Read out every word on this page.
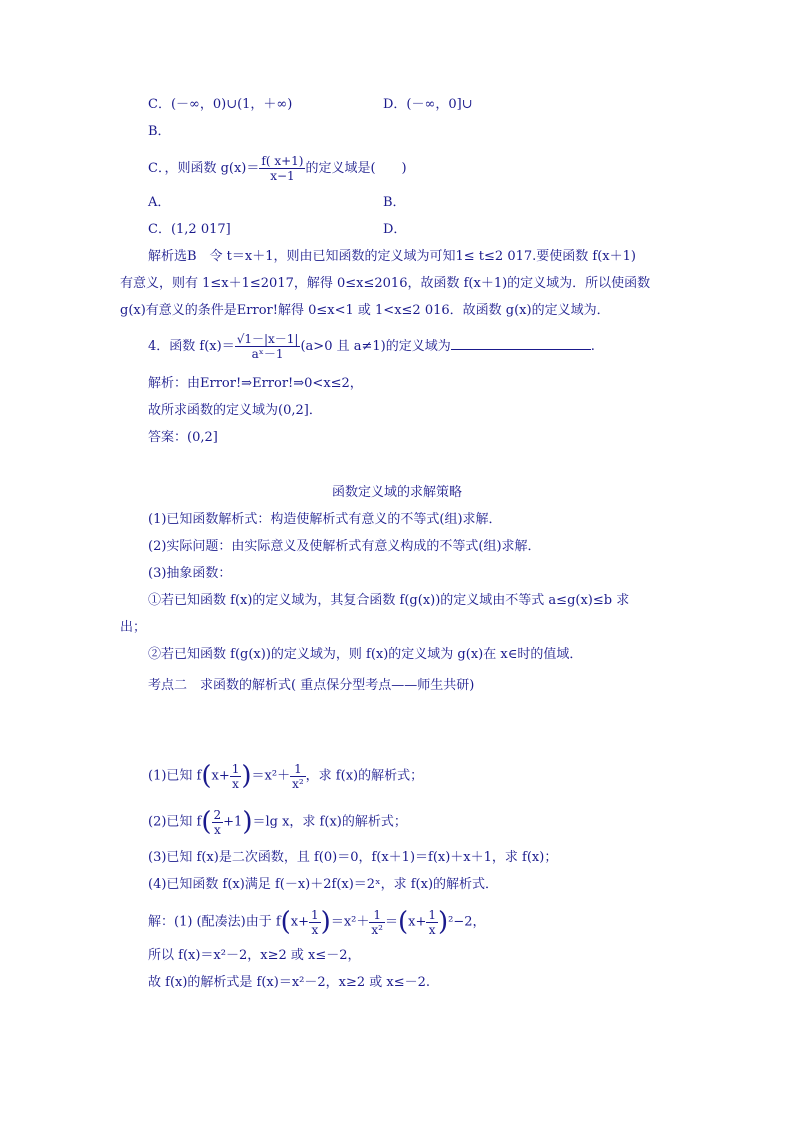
C．(－∞，0)∪(1，＋∞)	D．(－∞，0]∪
B．
C．，则函数 $g(x)= \frac{f( x+1)}{x-1}$ 的定义域是(　　)
A．	B．
C．(1,2 017]	D．
解析选B　令 t＝x＋1，则由已知函数的定义域为可知1≤ t≤2 017.要使函数 f(x＋1)
有意义，则有 1≤x＋1≤2017，解得 0≤x≤2016，故函数 f(x＋1)的定义域为．所以使函数
g(x)有意义的条件是Error!解得 0≤x<1 或 1<x≤2 016．故函数 g(x)的定义域为．
4．函数 $f(x)= \frac{√1-|x-1|}{\text{aˣ－1}} (a>0$ 且 a≠1)的定义域为	.
解析：由Error!⇒Error!⇒0<x≤2，
故所求函数的定义域为(0,2]．
答案：(0,2]
函数定义域的求解策略
(1)已知函数解析式：构造使解析式有意义的不等式(组)求解．
(2)实际问题：由实际意义及使解析式有意义构成的不等式(组)求解．
(3)抽象函数：
①若已知函数 f(x)的定义域为，其复合函数 f(g(x))的定义域由不等式 a≤g(x)≤b 求
出；
②若已知函数 f(g(x))的定义域为，则 f(x)的定义域为 g(x)在 x∈时的值域．
考点二　求函数的解析式( 重点保分型考点——师生共研)
(1)已知 $f(x+ \frac{1}{x} )=x^2+ \frac{1}{\text{x²}}$ ，求 f(x)的解析式；
(2)已知 $f( \frac{2}{x} +1)=\lg$ x，求 f(x)的解析式；
(3)已知 f(x)是二次函数，且 f(0)＝0，f(x＋1)＝f(x)＋x＋1，求 f(x)；
(4)已知函数 f(x)满足 f(－x)＋2f(x)＝2ˣ，求 f(x)的解析式．
解：(1) (配凑法)由于 $f(x+ \frac{1}{x} )=x^2+ \frac{1}{\text{x²}} =(x+ \frac{1}{x} )^2-2$，
所以 f(x)＝x²－2，x≥2 或 x≤－2，
故 f(x)的解析式是 f(x)＝x²－2，x≥2 或 x≤－2.
